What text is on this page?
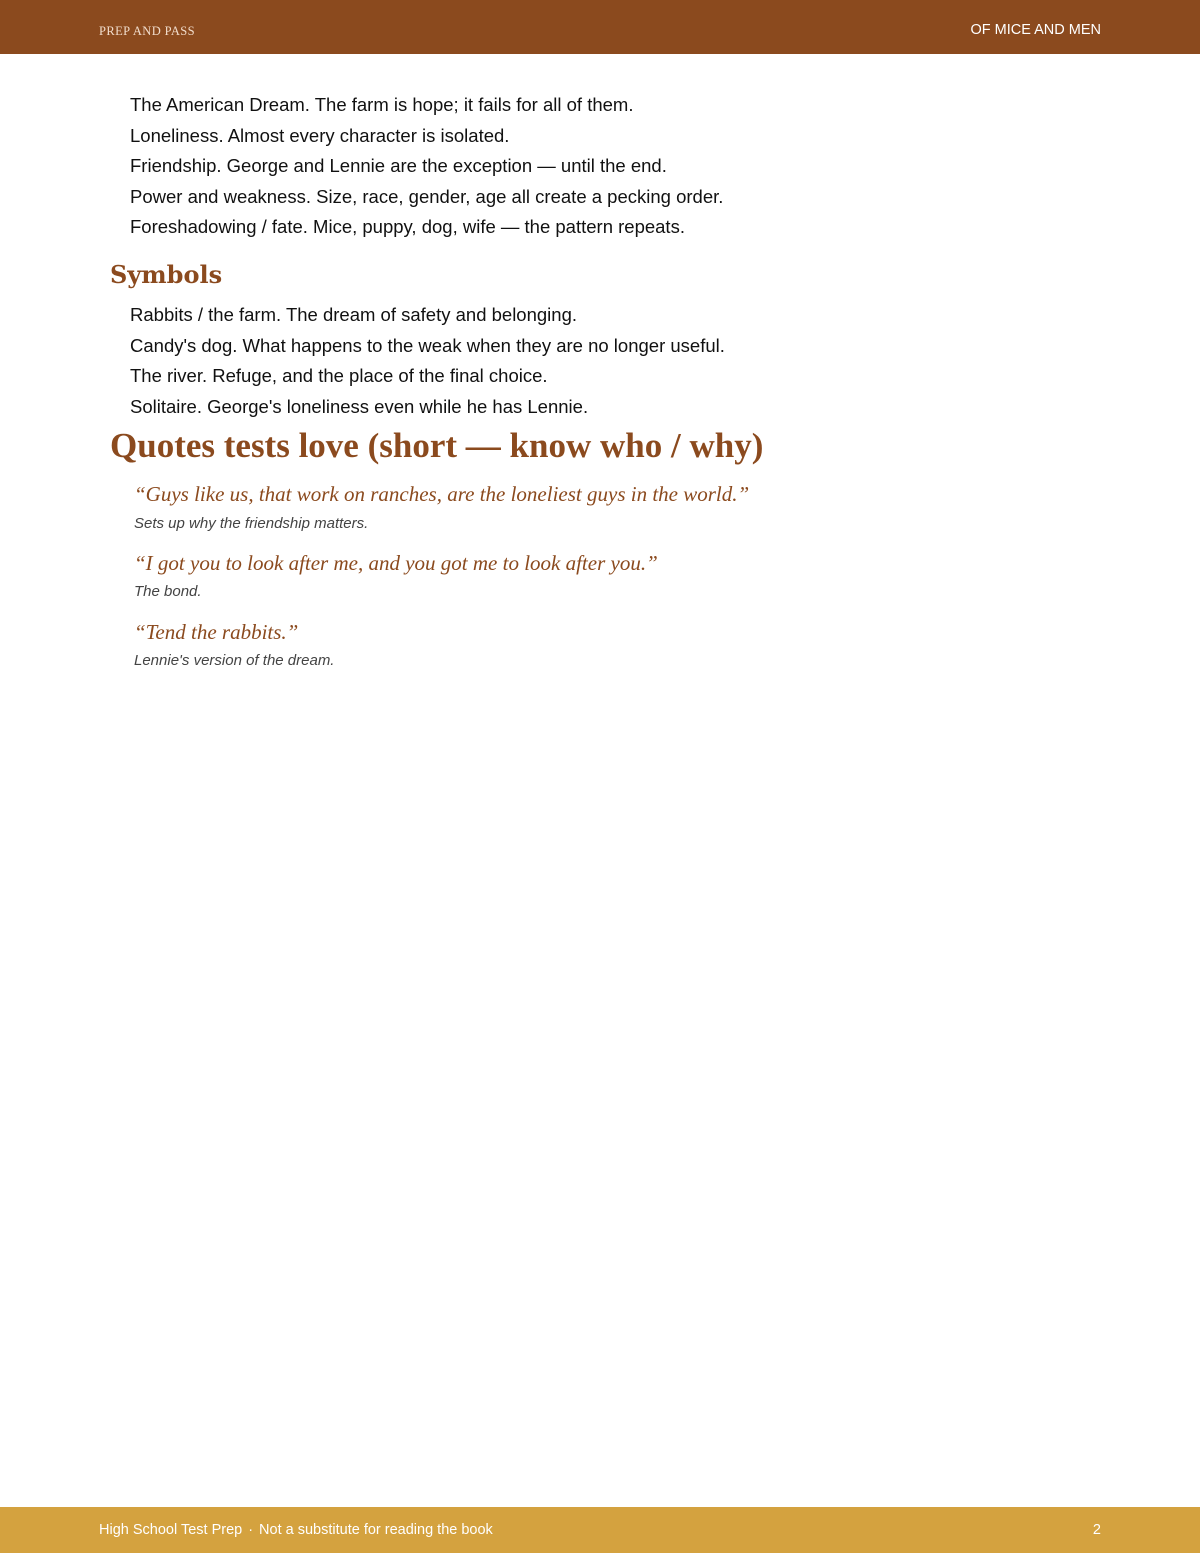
PREP AND PASS	OF MICE AND MEN
The American Dream. The farm is hope; it fails for all of them.
Loneliness. Almost every character is isolated.
Friendship. George and Lennie are the exception — until the end.
Power and weakness. Size, race, gender, age all create a pecking order.
Foreshadowing / fate. Mice, puppy, dog, wife — the pattern repeats.
Symbols
Rabbits / the farm. The dream of safety and belonging.
Candy's dog. What happens to the weak when they are no longer useful.
The river. Refuge, and the place of the final choice.
Solitaire. George's loneliness even while he has Lennie.
Quotes tests love (short — know who / why)
“Guys like us, that work on ranches, are the loneliest guys in the world.”
Sets up why the friendship matters.
“I got you to look after me, and you got me to look after you.”
The bond.
“Tend the rabbits.”
Lennie's version of the dream.
High School Test Prep · Not a substitute for reading the book	2
